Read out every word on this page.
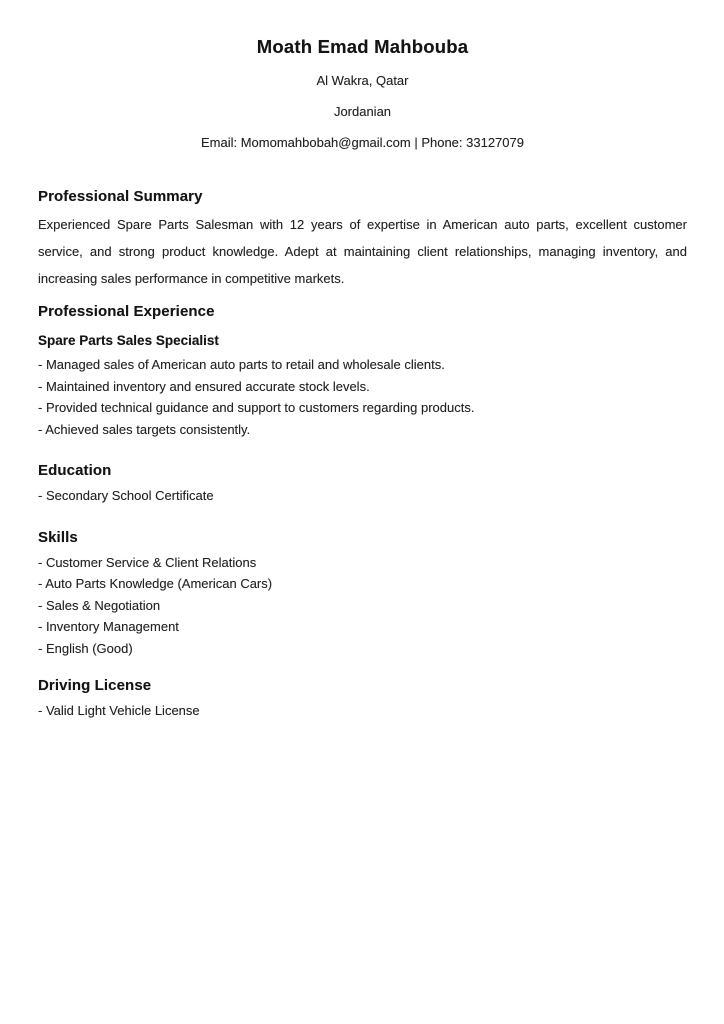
Moath Emad Mahbouba
Al Wakra, Qatar
Jordanian
Email: Momomahbobah@gmail.com | Phone: 33127079
Professional Summary

Experienced Spare Parts Salesman with 12 years of expertise in American auto parts, excellent customer service, and strong product knowledge. Adept at maintaining client relationships, managing inventory, and increasing sales performance in competitive markets.

Professional Experience
Spare Parts Sales Specialist
- Managed sales of American auto parts to retail and wholesale clients.
- Maintained inventory and ensured accurate stock levels.
- Provided technical guidance and support to customers regarding products.
- Achieved sales targets consistently.
Education
- Secondary School Certificate
Skills
- Customer Service & Client Relations
- Auto Parts Knowledge (American Cars)
- Sales & Negotiation
- Inventory Management
- English (Good)
Driving License
- Valid Light Vehicle License
